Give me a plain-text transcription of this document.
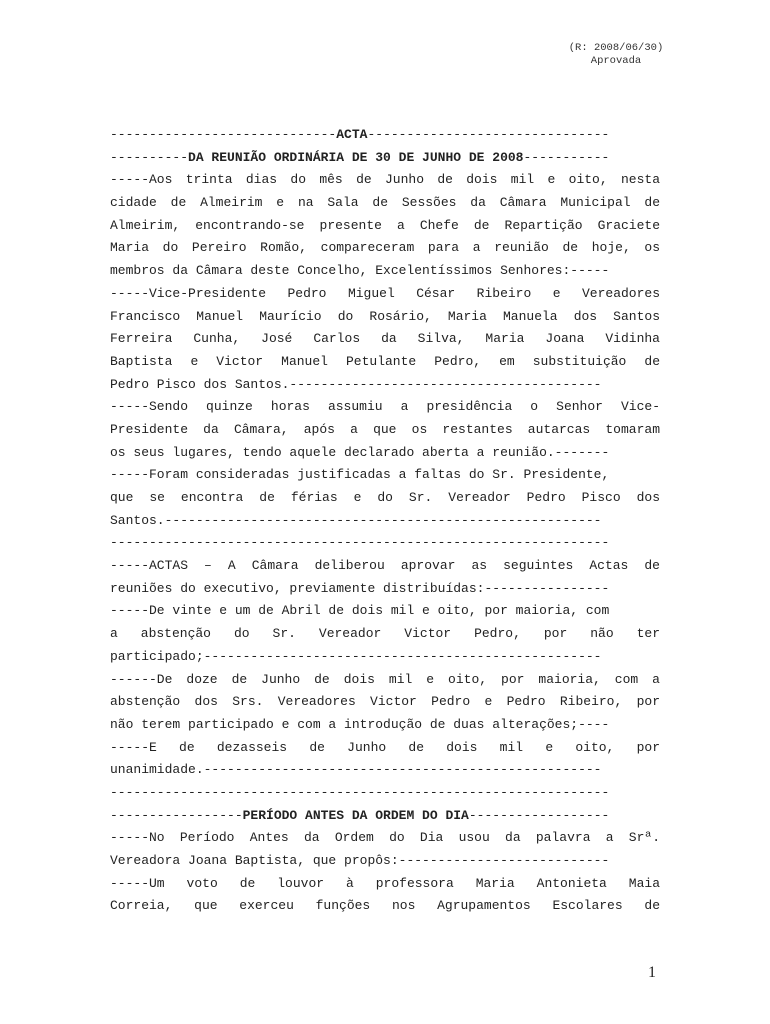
(R: 2008/06/30)
Aprovada
-----------------------------ACTA-------------------------------
----------DA REUNIÃO ORDINÁRIA DE 30 DE JUNHO DE 2008-----------
-----Aos trinta dias do mês de Junho de dois mil e oito, nesta
cidade de Almeirim e na Sala de Sessões da Câmara Municipal de
Almeirim, encontrando-se presente a Chefe de Repartição Graciete
Maria do Pereiro Romão, compareceram para a reunião de hoje, os
membros da Câmara deste Concelho, Excelentíssimos Senhores:-----
-----Vice-Presidente Pedro Miguel César Ribeiro e Vereadores
Francisco Manuel Maurício do Rosário, Maria Manuela dos Santos
Ferreira Cunha, José Carlos da Silva, Maria Joana Vidinha
Baptista e Victor Manuel Petulante Pedro, em substituição de
Pedro Pisco dos Santos.----------------------------------------
-----Sendo quinze horas assumiu a presidência o Senhor Vice-
Presidente da Câmara, após a que os restantes autarcas tomaram
os seus lugares, tendo aquele declarado aberta a reunião.-------
-----Foram consideradas justificadas a faltas do Sr. Presidente,
que se encontra de férias e do Sr. Vereador Pedro Pisco dos
Santos.--------------------------------------------------------
----------------------------------------------------------------
-----ACTAS – A Câmara deliberou aprovar as seguintes Actas de
reuniões do executivo, previamente distribuídas:----------------
-----De vinte e um de Abril de dois mil e oito, por maioria, com
a abstenção do Sr. Vereador Victor Pedro, por não ter
participado;---------------------------------------------------
------De doze de Junho de dois mil e oito, por maioria, com a
abstenção dos Srs. Vereadores Victor Pedro e Pedro Ribeiro, por
não terem participado e com a introdução de duas alterações;----
-----E de dezasseis de Junho de dois mil e oito, por
unanimidade.---------------------------------------------------
----------------------------------------------------------------
-----------------PERÍODO ANTES DA ORDEM DO DIA------------------
-----No Período Antes da Ordem do Dia usou da palavra a Srª.
Vereadora Joana Baptista, que propôs:---------------------------
-----Um voto de louvor à professora Maria Antonieta Maia
Correia, que exerceu funções nos Agrupamentos Escolares de
1
